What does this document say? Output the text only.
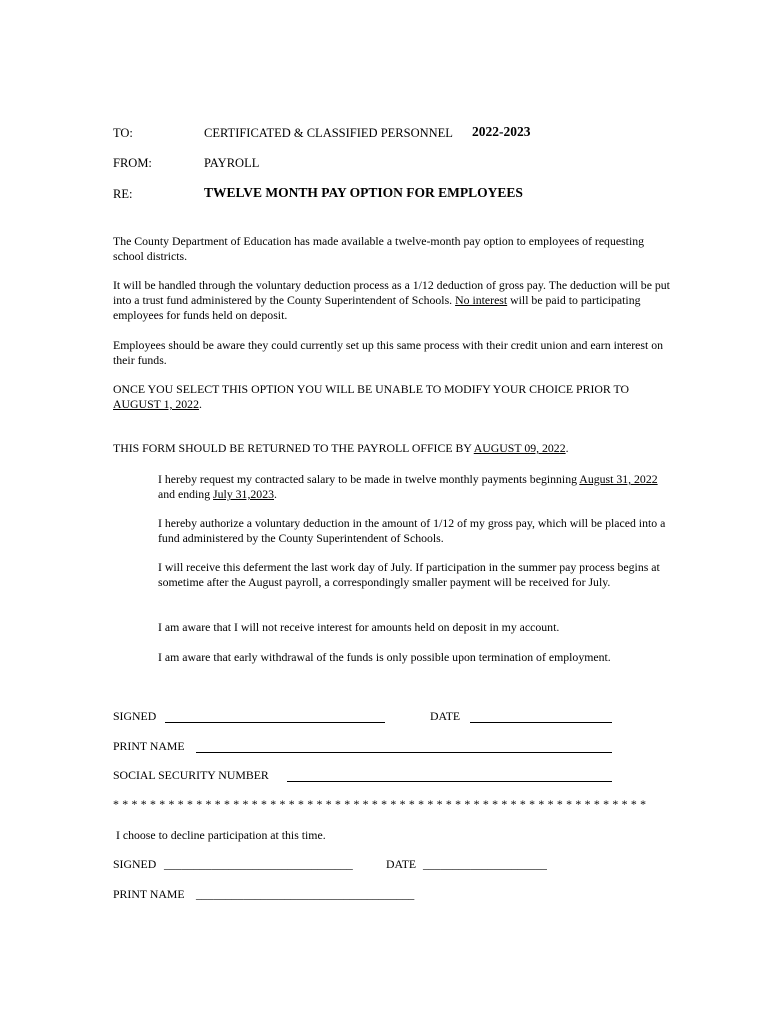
TO:	CERTIFICATED & CLASSIFIED PERSONNEL 2022-2023
FROM:	PAYROLL
RE:	TWELVE MONTH PAY OPTION FOR EMPLOYEES
The County Department of Education has made available a twelve-month pay option to employees of requesting school districts.
It will be handled through the voluntary deduction process as a 1/12 deduction of gross pay. The deduction will be put into a trust fund administered by the County Superintendent of Schools. No interest will be paid to participating employees for funds held on deposit.
Employees should be aware they could currently set up this same process with their credit union and earn interest on their funds.
ONCE YOU SELECT THIS OPTION YOU WILL BE UNABLE TO MODIFY YOUR CHOICE PRIOR TO AUGUST 1, 2022.
THIS FORM SHOULD BE RETURNED TO THE PAYROLL OFFICE BY AUGUST 09, 2022.
I hereby request my contracted salary to be made in twelve monthly payments beginning August 31, 2022 and ending July 31,2023.
I hereby authorize a voluntary deduction in the amount of 1/12 of my gross pay, which will be placed into a fund administered by the County Superintendent of Schools.
I will receive this deferment the last work day of July. If participation in the summer pay process begins at sometime after the August payroll, a correspondingly smaller payment will be received for July.
I am aware that I will not receive interest for amounts held on deposit in my account.
I am aware that early withdrawal of the funds is only possible upon termination of employment.
SIGNED	DATE
PRINT NAME
SOCIAL SECURITY NUMBER
* * * * * * * * * * * * * * * * * * * * * * * * * * * * * * * * * * * * * * * * * * * * * * * * * * * * * * * * * *
I choose to decline participation at this time.
SIGNED ________________________________	DATE _____________________
PRINT NAME _____________________________________
